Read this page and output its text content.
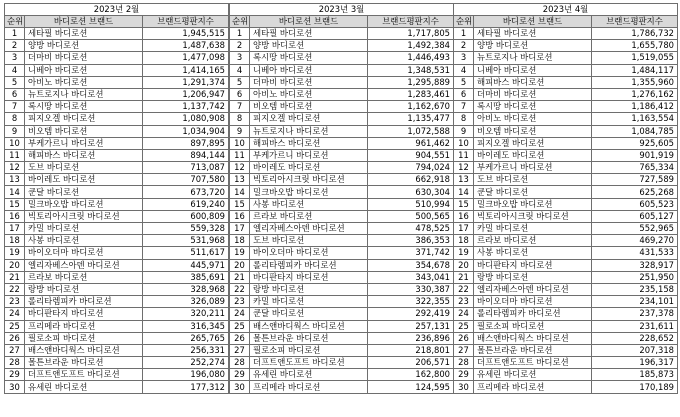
2023년 2월		
순위	바디로션 브랜드	브랜드평판지수
1	세타필 바디로션	1,945,515
2	양방 바디로션	1,487,638
3	더마비 바디로션	1,477,098
4	니베아 바디로션	1,414,165
5	아비노 바디로션	1,291,374
6	뉴트로지나 바디로션	1,206,947
7	록시땅 바디로션	1,137,742
8	피지오겔 바디로션	1,080,908
9	비오템 바디로션	1,034,904
10	부케가르니 바디로션	897,895
11	해피바스 바디로션	894,144
12	도브 바디로션	713,087
13	바이레도 바디로션	707,580
14	쿤달 바디로션	673,720
15	밀크바오밥 바디로션	619,240
16	빅토리아시크릿 바디로션	600,809
17	카밀 바디로션	559,328
18	사봉 바디로션	531,968
19	바이오더마 바디로션	511,617
20	엘리자베스아덴 바디로션	445,971
21	르라보 바디로션	385,691
22	랑방 바디로션	328,968
23	롤리타렘피카 바디로션	326,089
24	바디판타지 바디로션	320,211
25	프리메라 바디로션	316,345
26	필로소피 바디로션	265,765
27	배스앤바디웍스 바디로션	256,331
28	몰튼브라운 바디로션	252,274
29	더프트앤도프트 바디로션	196,080
30	유세린 바디로션	177,312
2023년 3월		
순위	바디로션 브랜드	브랜드평판지수
1	세타필 바디로션	1,717,805
2	양방 바디로션	1,492,384
3	록시땅 바디로션	1,446,493
4	니베아 바디로션	1,348,531
5	더마비 바디로션	1,295,889
6	아비노 바디로션	1,283,461
7	비오템 바디로션	1,162,670
8	피지오겔 바디로션	1,135,477
9	뉴트로지나 바디로션	1,072,588
10	해피바스 바디로션	961,462
11	부케가르니 바디로션	904,551
12	바이레도 바디로션	794,024
13	빅토리아시크릿 바디로션	662,918
14	밀크바오밥 바디로션	630,304
15	사봉 바디로션	510,994
16	르라보 바디로션	500,565
17	엘리자베스아덴 바디로션	478,525
18	도브 바디로션	386,353
19	바이오더마 바디로션	371,742
20	롤리타렘피카 바디로션	354,678
21	바디판타지 바디로션	343,041
22	랑방 바디로션	330,387
23	카밀 바디로션	322,355
24	쿤달 바디로션	292,419
25	배스앤바디웍스 바디로션	257,131
26	몰튼브라운 바디로션	236,896
27	필로소피 바디로션	218,801
28	더프트앤도프트 바디로션	206,571
29	유세린 바디로션	162,800
30	프리메라 바디로션	124,595
2023년 4월		
순위	바디로션 브랜드	브랜드평판지수
1	세타필 바디로션	1,786,732
2	양방 바디로션	1,655,780
3	뉴트로지나 바디로션	1,519,055
4	니베아 바디로션	1,484,117
5	해피바스 바디로션	1,355,960
6	더마비 바디로션	1,276,162
7	록시땅 바디로션	1,186,412
8	아비노 바디로션	1,163,554
9	비오템 바디로션	1,084,785
10	피지오겔 바디로션	925,605
11	바이레도 바디로션	901,919
12	부케가르니 바디로션	765,334
13	도브 바디로션	727,589
14	쿤달 바디로션	625,268
15	밀크바오밥 바디로션	605,523
16	빅토리아시크릿 바디로션	605,127
17	카밀 바디로션	552,965
18	르라보 바디로션	469,270
19	사봉 바디로션	431,533
20	바디판타지 바디로션	328,917
21	랑방 바디로션	251,950
22	엘리자베스아덴 바디로션	235,158
23	바이오더마 바디로션	234,101
24	롤리타렘피카 바디로션	237,378
25	필로소피 바디로션	231,611
26	배스앤바디웍스 바디로션	228,652
27	몰튼브라운 바디로션	207,318
28	더프트앤도프트 바디로션	196,317
29	유세린 바디로션	185,873
30	프리메라 바디로션	170,189
